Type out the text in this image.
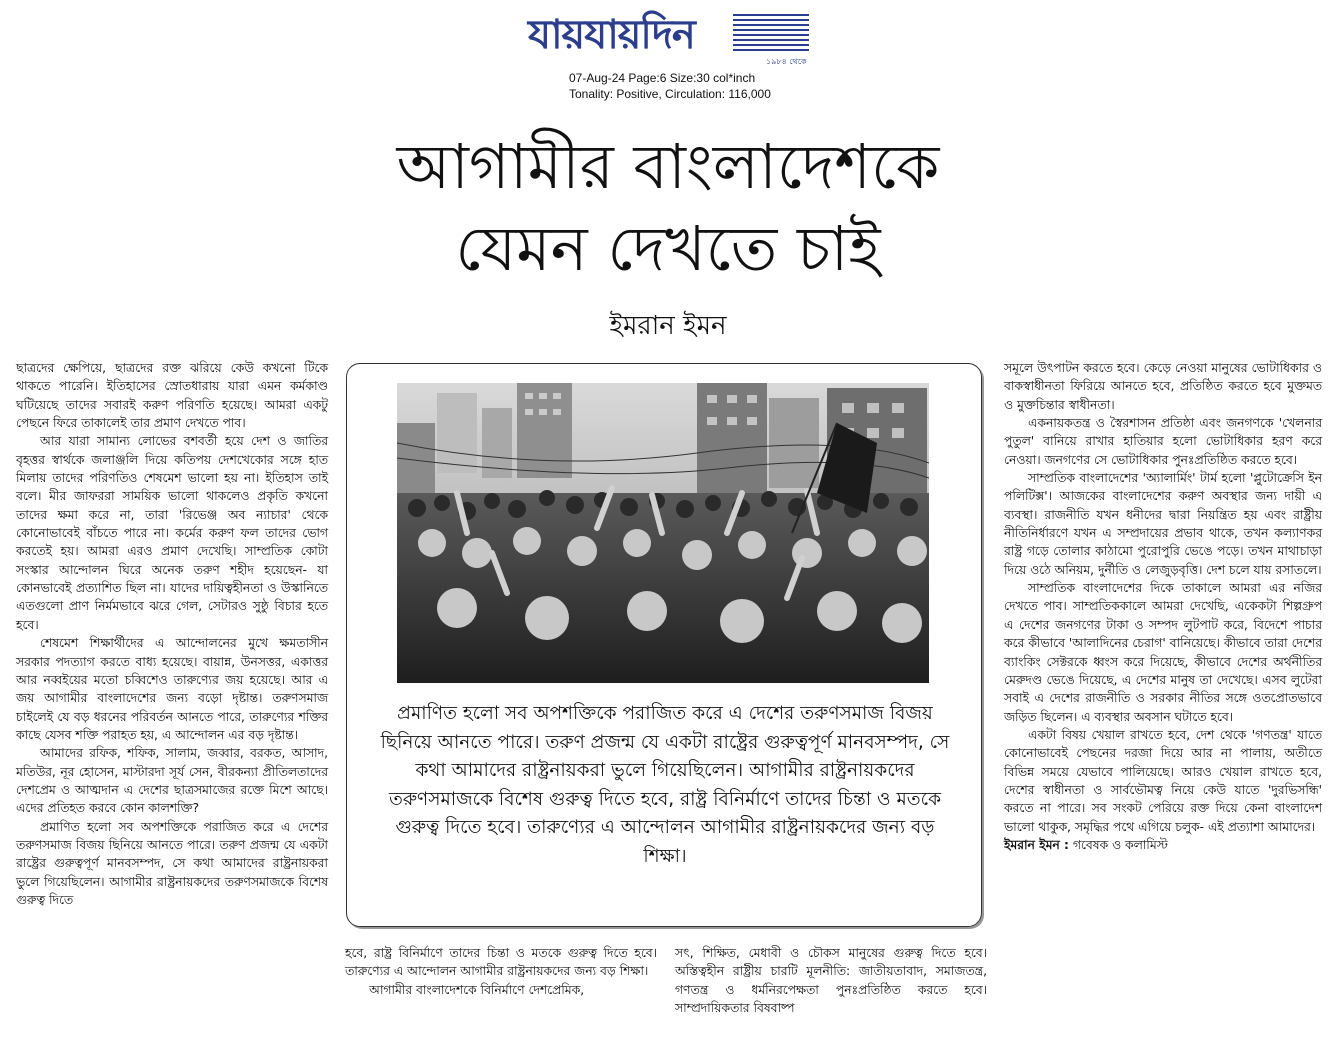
যায়যায়দিন
১৯৮৪ থেকে
07-Aug-24 Page:6 Size:30 col*inch
Tonality: Positive, Circulation: 116,000
আগামীর বাংলাদেশকে
যেমন দেখতে চাই
ইমরান ইমন

ছাত্রদের ক্ষেপিয়ে, ছাত্রদের রক্ত ঝরিয়ে কেউ কখনো টিকে থাকতে পারেনি। ইতিহাসের স্রোতধারায় যারা এমন কর্মকাণ্ড ঘটিয়েছে তাদের সবারই করুণ পরিণতি হয়েছে। আমরা একটু পেছনে ফিরে তাকালেই তার প্রমাণ দেখতে পাব।

আর যারা সামান্য লোভের বশবর্তী হয়ে দেশ ও জাতির বৃহত্তর স্বার্থকে জলাঞ্জলি দিয়ে কতিপয় দেশখেকোর সঙ্গে হাত মিলায় তাদের পরিণতিও শেষমেশ ভালো হয় না। ইতিহাস তাই বলে। মীর জাফররা সাময়িক ভালো থাকলেও প্রকৃতি কখনো তাদের ক্ষমা করে না, তারা 'রিভেঞ্জ অব ন্যাচার' থেকে কোনোভাবেই বাঁচতে পারে না। কর্মের করুণ ফল তাদের ভোগ করতেই হয়। আমরা এরও প্রমাণ দেখেছি। সাম্প্রতিক কোটা সংস্কার আন্দোলন ঘিরে অনেক তরুণ শহীদ হয়েছেন- যা কোনভাবেই প্রত্যাশিত ছিল না। যাদের দায়িত্বহীনতা ও উস্কানিতে এতগুলো প্রাণ নির্মমভাবে ঝরে গেল, সেটারও সুষ্ঠু বিচার হতে হবে।

শেষমেশ শিক্ষার্থীদের এ আন্দোলনের মুখে ক্ষমতাসীন সরকার পদত্যাগ করতে বাধ্য হয়েছে। বায়ান্ন, উনসত্তর, একাত্তর আর নব্বইয়ের মতো চব্বিশেও তারুণ্যের জয় হয়েছে। আর এ জয় আগামীর বাংলাদেশের জন্য বড়ো দৃষ্টান্ত। তরুণসমাজ চাইলেই যে বড় ধরনের পরিবর্তন আনতে পারে, তারুণ্যের শক্তির কাছে যেসব শক্তি পরাহত হয়, এ আন্দোলন এর বড় দৃষ্টান্ত।

আমাদের রফিক, শফিক, সালাম, জব্বার, বরকত, আসাদ, মতিউর, নূর হোসেন, মাস্টারদা সূর্য সেন, বীরকন্যা প্রীতিলতাদের দেশপ্রেম ও আত্মদান এ দেশের ছাত্রসমাজের রক্তে মিশে আছে। এদের প্রতিহত করবে কোন কালশক্তি?

প্রমাণিত হলো সব অপশক্তিকে পরাজিত করে এ দেশের তরুণসমাজ বিজয় ছিনিয়ে আনতে পারে। তরুণ প্রজন্ম যে একটা রাষ্ট্রের গুরুত্বপূর্ণ মানবসম্পদ, সে কথা আমাদের রাষ্ট্রনায়করা ভুলে গিয়েছিলেন। আগামীর রাষ্ট্রনায়কদের তরুণসমাজকে বিশেষ গুরুত্ব দিতে

প্রমাণিত হলো সব অপশক্তিকে পরাজিত করে এ দেশের তরুণসমাজ বিজয় ছিনিয়ে আনতে পারে। তরুণ প্রজন্ম যে একটা রাষ্ট্রের গুরুত্বপূর্ণ মানবসম্পদ, সে কথা আমাদের রাষ্ট্রনায়করা ভুলে গিয়েছিলেন। আগামীর রাষ্ট্রনায়কদের তরুণসমাজকে বিশেষ গুরুত্ব দিতে হবে, রাষ্ট্র বিনির্মাণে তাদের চিন্তা ও মতকে গুরুত্ব দিতে হবে। তারুণ্যের এ আন্দোলন আগামীর রাষ্ট্রনায়কদের জন্য বড় শিক্ষা।

হবে, রাষ্ট্র বিনির্মাণে তাদের চিন্তা ও মতকে গুরুত্ব দিতে হবে। তারুণ্যের এ আন্দোলন আগামীর রাষ্ট্রনায়কদের জন্য বড় শিক্ষা।

আগামীর বাংলাদেশকে বিনির্মাণে দেশপ্রেমিক,

সৎ, শিক্ষিত, মেধাবী ও চৌকস মানুষের গুরুত্ব দিতে হবে। অস্তিত্বহীন রাষ্ট্রীয় চারটি মূলনীতি: জাতীয়তাবাদ, সমাজতন্ত্র, গণতন্ত্র ও ধর্মনিরপেক্ষতা পুনঃপ্রতিষ্ঠিত করতে হবে। সাম্প্রদায়িকতার বিষবাষ্প

সমূলে উৎপাটন করতে হবে। কেড়ে নেওয়া মানুষের ভোটাধিকার ও বাকস্বাধীনতা ফিরিয়ে আনতে হবে, প্রতিষ্ঠিত করতে হবে মুক্তমত ও মুক্তচিন্তার স্বাধীনতা।

একনায়কতন্ত্র ও স্বৈরশাসন প্রতিষ্ঠা এবং জনগণকে 'খেলনার পুতুল' বানিয়ে রাখার হাতিয়ার হলো ভোটাধিকার হরণ করে নেওয়া। জনগণের সে ভোটাধিকার পুনঃপ্রতিষ্ঠিত করতে হবে।

সাম্প্রতিক বাংলাদেশের 'অ্যালার্মিং' টার্ম হলো 'প্লুটোক্রেসি ইন পলিটিক্স'। আজকের বাংলাদেশের করুণ অবস্থার জন্য দায়ী এ ব্যবস্থা। রাজনীতি যখন ধনীদের দ্বারা নিয়ন্ত্রিত হয় এবং রাষ্ট্রীয় নীতিনির্ধারণে যখন এ সম্প্রদায়ের প্রভাব থাকে, তখন কল্যাণকর রাষ্ট্র গড়ে তোলার কাঠামো পুরোপুরি ভেঙে পড়ে। তখন মাথাচাড়া দিয়ে ওঠে অনিয়ম, দুর্নীতি ও লেজুড়বৃত্তি। দেশ চলে যায় রসাতলে।

সাম্প্রতিক বাংলাদেশের দিকে তাকালে আমরা এর নজির দেখতে পাব। সাম্প্রতিককালে আমরা দেখেছি, একেকটা শিল্পগ্রুপ এ দেশের জনগণের টাকা ও সম্পদ লুটপাট করে, বিদেশে পাচার করে কীভাবে 'আলাদিনের চেরাগ' বানিয়েছে। কীভাবে তারা দেশের ব্যাংকিং সেক্টরকে ধ্বংস করে দিয়েছে, কীভাবে দেশের অর্থনীতির মেরুদণ্ড ভেঙে দিয়েছে, এ দেশের মানুষ তা দেখেছে। এসব লুটেরা সবাই এ দেশের রাজনীতি ও সরকার নীতির সঙ্গে ওতপ্রোতভাবে জড়িত ছিলেন। এ ব্যবস্থার অবসান ঘটাতে হবে।

একটা বিষয় খেয়াল রাখতে হবে, দেশ থেকে 'গণতন্ত্র' যাতে কোনোভাবেই পেছনের দরজা দিয়ে আর না পালায়, অতীতে বিভিন্ন সময়ে যেভাবে পালিয়েছে। আরও খেয়াল রাখতে হবে, দেশের স্বাধীনতা ও সার্বভৌমত্ব নিয়ে কেউ যাতে 'দুরভিসন্ধি' করতে না পারে। সব সংকট পেরিয়ে রক্ত দিয়ে কেনা বাংলাদেশ ভালো থাকুক, সমৃদ্ধির পথে এগিয়ে চলুক- এই প্রত্যাশা আমাদের।

ইমরান ইমন : গবেষক ও কলামিস্ট
